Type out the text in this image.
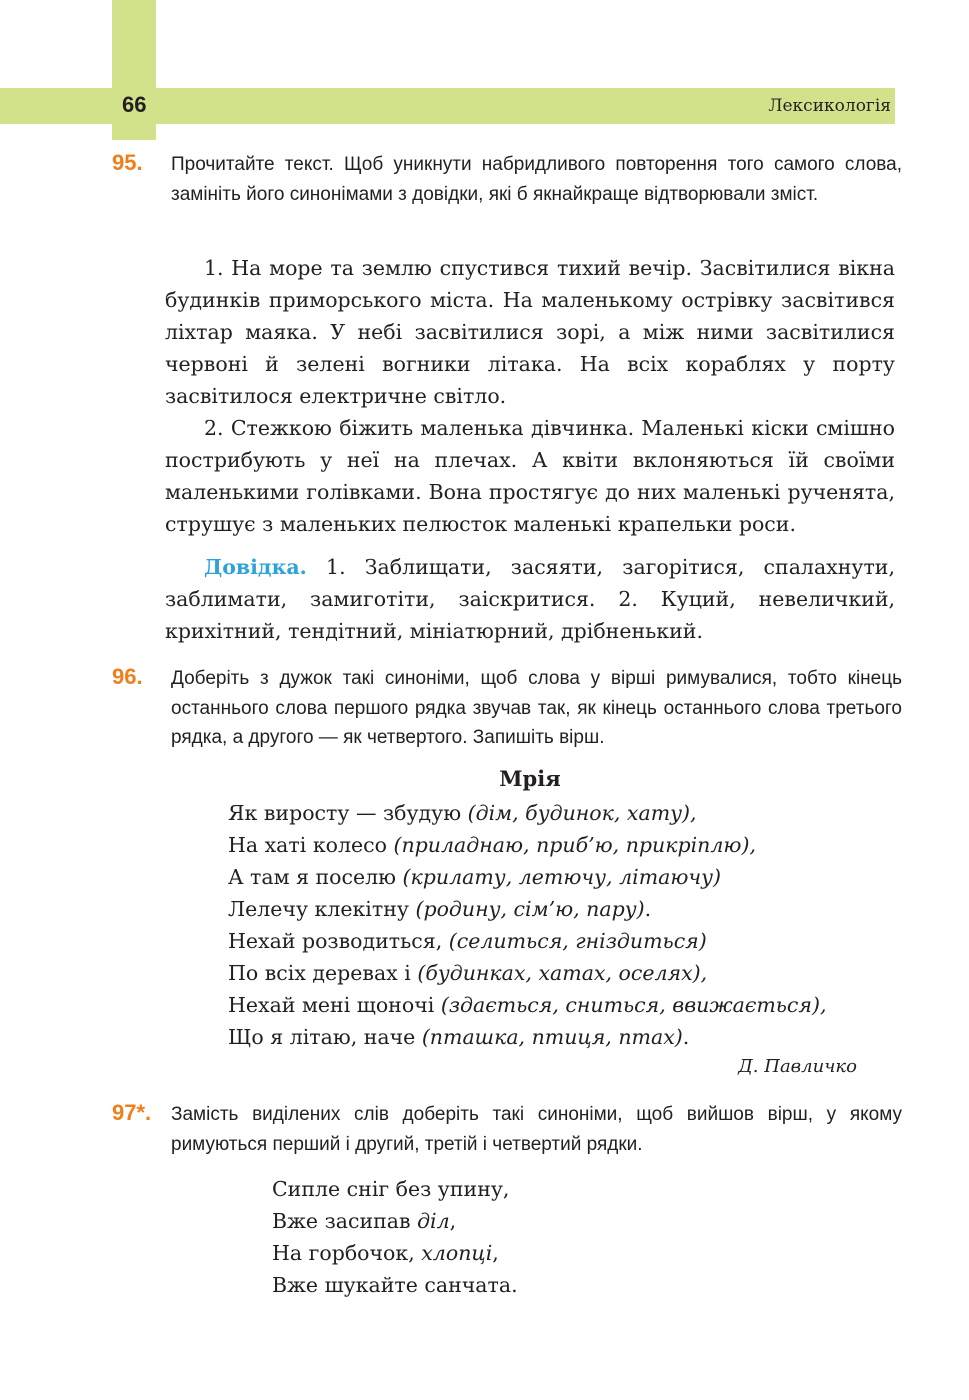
66	Лексикологія
95. Прочитайте текст. Щоб уникнути набридливого повторення того самого слова, замініть його синонімами з довідки, які б якнайкраще відтворювали зміст.

1. На море та землю спустився тихий вечір. Засвітилися вікна будинків приморського міста. На маленькому острівку засвітився ліхтар маяка. У небі засвітилися зорі, а між ними засвітилися червоні й зелені вогники літака. На всіх кораблях у порту засвітилося електричне світло.

2. Стежкою біжить маленька дівчинка. Маленькі кіски смішно пострибують у неї на плечах. А квіти вклоняються їй своїми маленькими голівками. Вона простягує до них маленькі рученята, струшує з маленьких пелюсток маленькі крапельки роси.

Довідка. 1. Заблищати, засяяти, загорітися, спалахнути, заблимати, замиготіти, заіскритися. 2. Куций, невеличкий, крихітний, тендітний, мініатюрний, дрібненький.

96. Доберіть з дужок такі синоніми, щоб слова у вірші римувалися, тобто кінець останнього слова першого рядка звучав так, як кінець останнього слова третього рядка, а другого — як четвертого. Запишіть вірш.
Мрія
Як виросту — збудую (дім, будинок, хату),
На хаті колесо (приладнаю, приб’ю, прикріплю),
А там я поселю (крилату, летючу, літаючу)
Лелечу клекітну (родину, сім’ю, пару).
Нехай розводиться, (селиться, гніздиться)
По всіх деревах і (будинках, хатах, оселях),
Нехай мені щоночі (здається, сниться, ввижається),
Що я літаю, наче (пташка, птиця, птах).
Д. Павличко
97*. Замість виділених слів доберіть такі синоніми, щоб вийшов вірш, у якому римуються перший і другий, третій і четвертий рядки.
Сипле сніг без упину,
Вже засипав діл,
На горбочок, хлопці,
Вже шукайте санчата.
